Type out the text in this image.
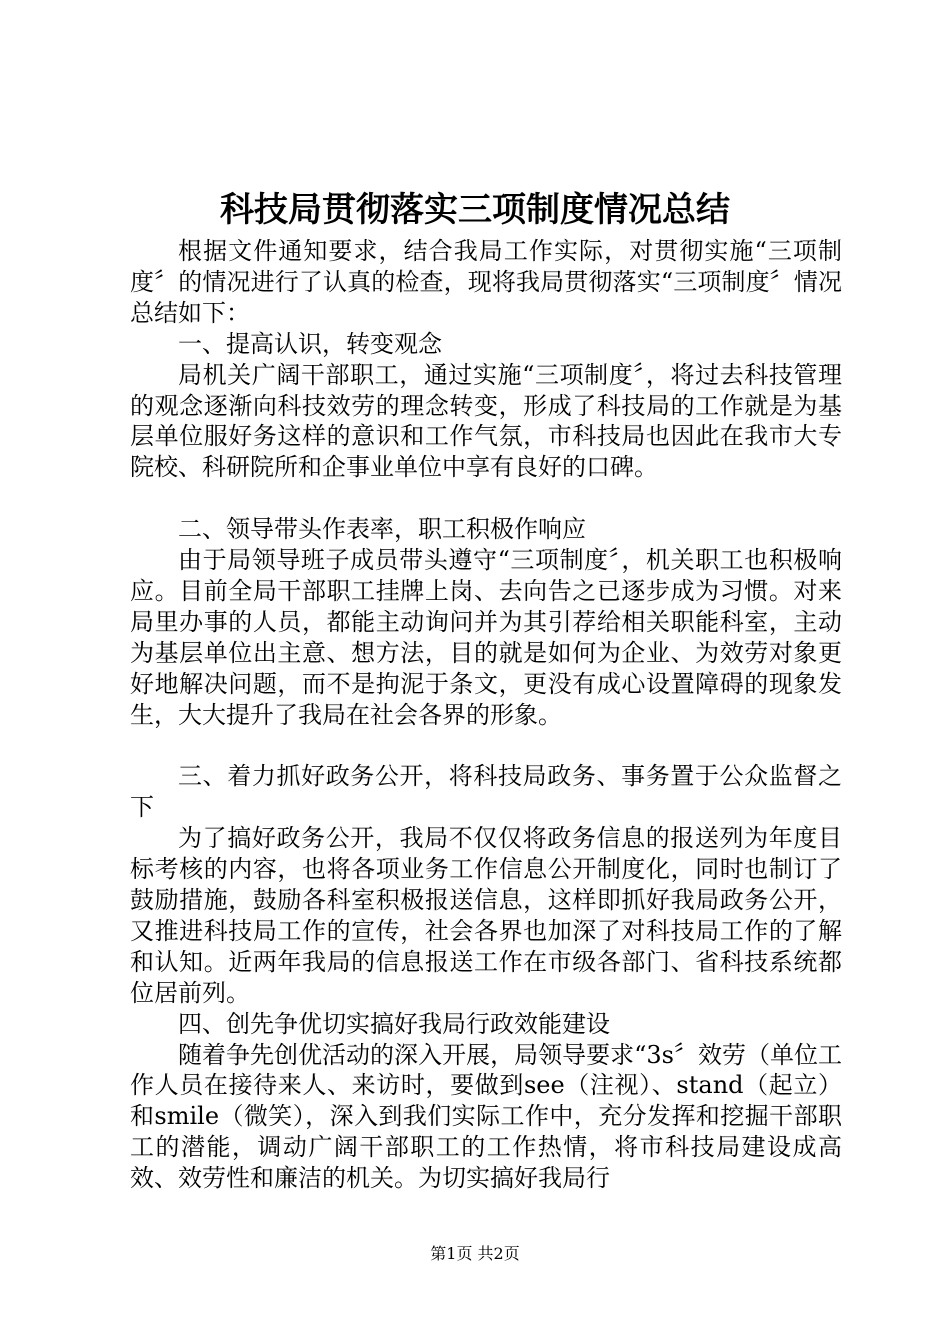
科技局贯彻落实三项制度情况总结

根据文件通知要求，结合我局工作实际，对贯彻实施“三项制度〞的情况进行了认真的检查，现将我局贯彻落实“三项制度〞情况总结如下：

一、提高认识，转变观念

局机关广阔干部职工，通过实施“三项制度〞，将过去科技管理的观念逐渐向科技效劳的理念转变，形成了科技局的工作就是为基层单位服好务这样的意识和工作气氛，市科技局也因此在我市大专院校、科研院所和企事业单位中享有良好的口碑。

二、领导带头作表率，职工积极作响应

由于局领导班子成员带头遵守“三项制度〞，机关职工也积极响应。目前全局干部职工挂牌上岗、去向告之已逐步成为习惯。对来局里办事的人员，都能主动询问并为其引荐给相关职能科室，主动为基层单位出主意、想方法，目的就是如何为企业、为效劳对象更好地解决问题，而不是拘泥于条文，更没有成心设置障碍的现象发生，大大提升了我局在社会各界的形象。

三、着力抓好政务公开，将科技局政务、事务置于公众监督之下

为了搞好政务公开，我局不仅仅将政务信息的报送列为年度目标考核的内容，也将各项业务工作信息公开制度化，同时也制订了鼓励措施，鼓励各科室积极报送信息，这样即抓好我局政务公开，又推进科技局工作的宣传，社会各界也加深了对科技局工作的了解和认知。近两年我局的信息报送工作在市级各部门、省科技系统都位居前列。

四、创先争优切实搞好我局行政效能建设

随着争先创优活动的深入开展，局领导要求“3s〞效劳（单位工作人员在接待来人、来访时，要做到see（注视）、stand（起立）和smile（微笑），深入到我们实际工作中，充分发挥和挖掘干部职工的潜能，调动广阔干部职工的工作热情，将市科技局建设成高效、效劳性和廉洁的机关。为切实搞好我局行

第1页 共2页
